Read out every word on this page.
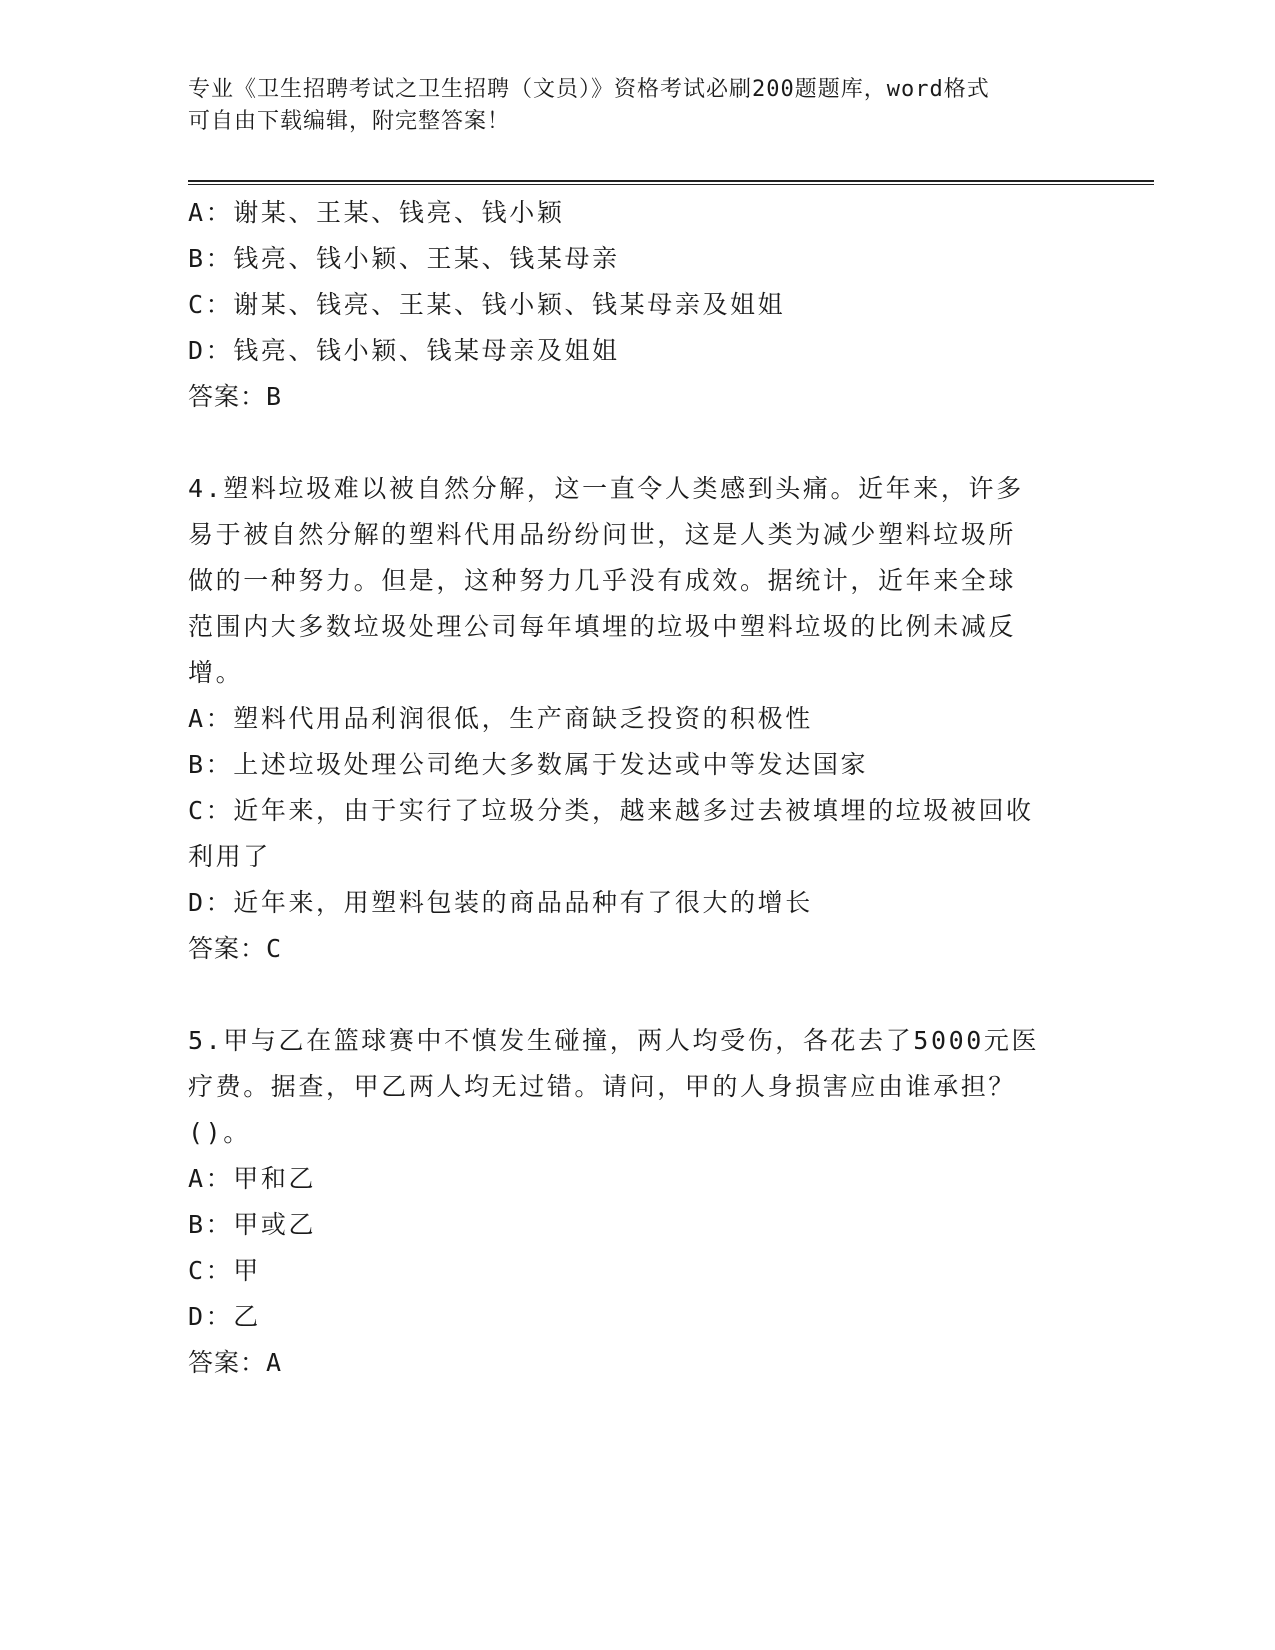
专业《卫生招聘考试之卫生招聘（文员）》资格考试必刷200题题库，word格式
可自由下载编辑，附完整答案！
A：谢某、王某、钱亮、钱小颖
B：钱亮、钱小颖、王某、钱某母亲
C：谢某、钱亮、王某、钱小颖、钱某母亲及姐姐
D：钱亮、钱小颖、钱某母亲及姐姐
答案：B
4.塑料垃圾难以被自然分解，这一直令人类感到头痛。近年来，许多
易于被自然分解的塑料代用品纷纷问世，这是人类为减少塑料垃圾所
做的一种努力。但是，这种努力几乎没有成效。据统计，近年来全球
范围内大多数垃圾处理公司每年填埋的垃圾中塑料垃圾的比例未减反
增。
A：塑料代用品利润很低，生产商缺乏投资的积极性
B：上述垃圾处理公司绝大多数属于发达或中等发达国家
C：近年来，由于实行了垃圾分类，越来越多过去被填埋的垃圾被回收
利用了
D：近年来，用塑料包装的商品品种有了很大的增长
答案：C
5.甲与乙在篮球赛中不慎发生碰撞，两人均受伤，各花去了5000元医
疗费。据查，甲乙两人均无过错。请问，甲的人身损害应由谁承担？
()。
A：甲和乙
B：甲或乙
C：甲
D：乙
答案：A
